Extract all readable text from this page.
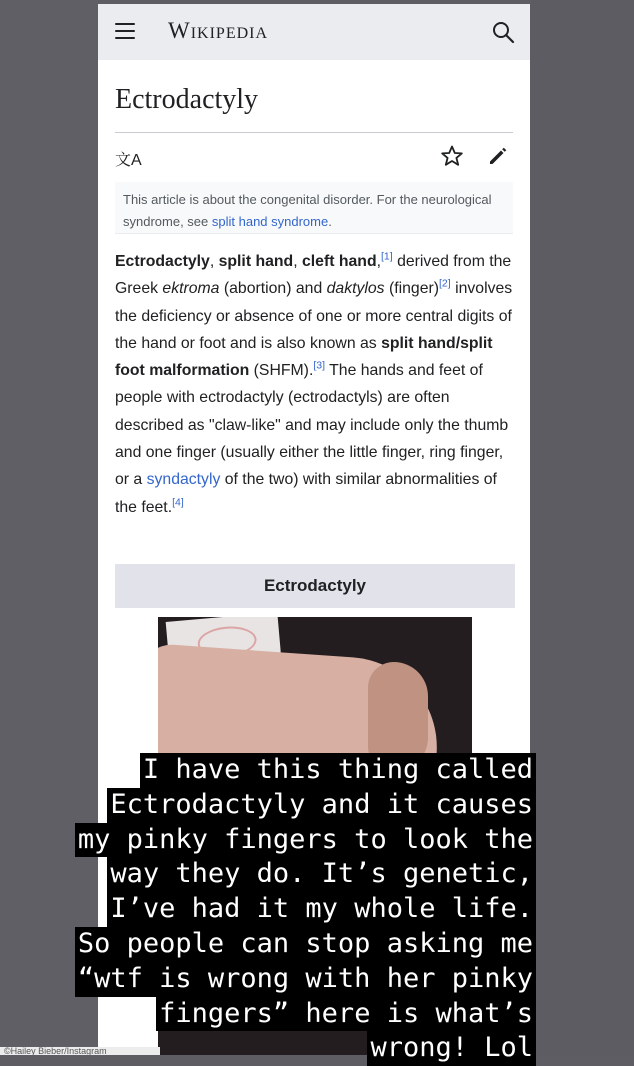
Wikipedia
Ectrodactyly
文A
This article is about the congenital disorder. For the neurological syndrome, see split hand syndrome.
Ectrodactyly, split hand, cleft hand,[1] derived from the Greek ektroma (abortion) and daktylos (finger)[2] involves the deficiency or absence of one or more central digits of the hand or foot and is also known as split hand/split foot malformation (SHFM).[3] The hands and feet of people with ectrodactyly (ectrodactyls) are often described as "claw-like" and may include only the thumb and one finger (usually either the little finger, ring finger, or a syndactyly of the two) with similar abnormalities of the feet.[4]
Ectrodactyly
I have this thing called
Ectrodactyly and it causes
my pinky fingers to look the
way they do. It’s genetic,
I’ve had it my whole life.
So people can stop asking me
“wtf is wrong with her pinky
fingers” here is what’s
wrong! Lol
©Hailey Bieber/Instagram
